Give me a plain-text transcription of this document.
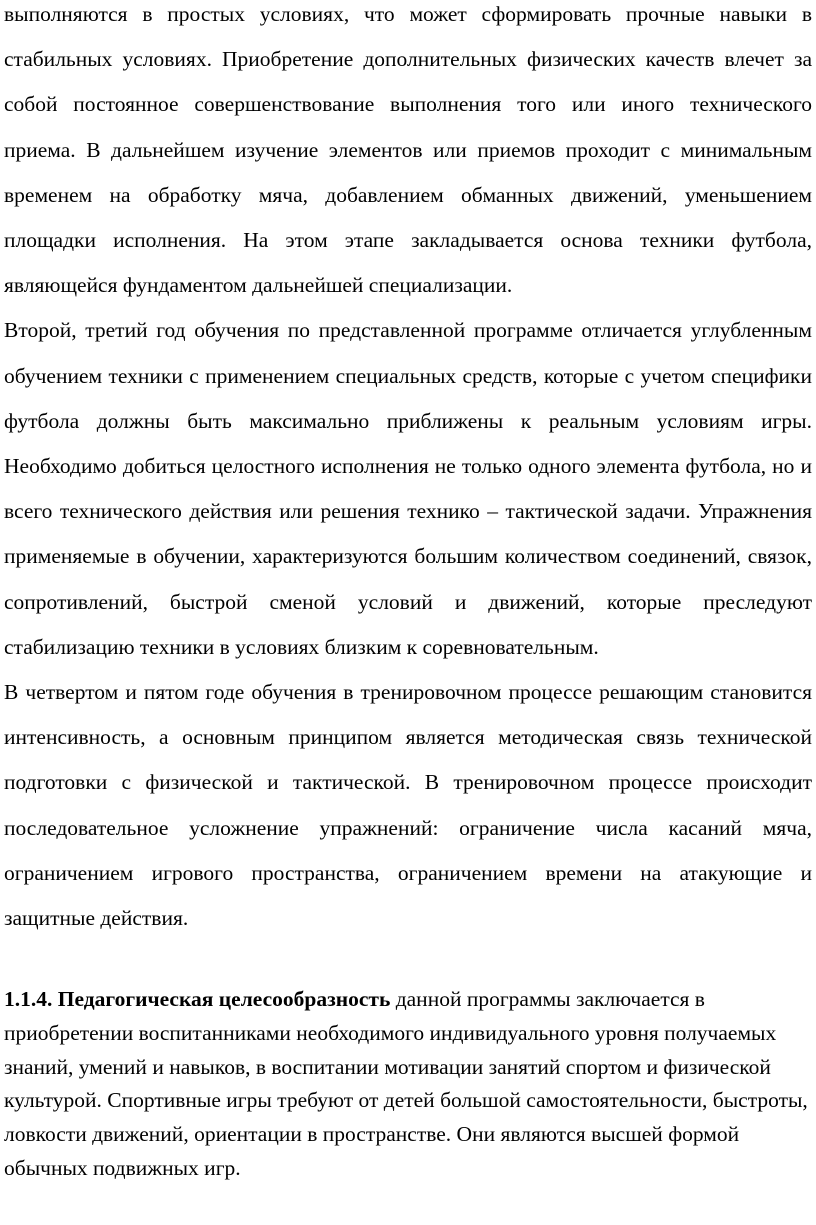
выполняются в простых условиях, что может сформировать прочные навыки в стабильных условиях. Приобретение дополнительных физических качеств влечет за собой постоянное совершенствование выполнения того или иного технического приема. В дальнейшем изучение элементов или приемов проходит с минимальным временем на обработку мяча, добавлением обманных движений, уменьшением площадки исполнения. На этом этапе закладывается основа техники футбола, являющейся фундаментом дальнейшей специализации.

Второй, третий год обучения по представленной программе отличается углубленным обучением техники с применением специальных средств, которые с учетом специфики футбола должны быть максимально приближены к реальным условиям игры. Необходимо добиться целостного исполнения не только одного элемента футбола, но и всего технического действия или решения технико – тактической задачи. Упражнения применяемые в обучении, характеризуются большим количеством соединений, связок, сопротивлений, быстрой сменой условий и движений, которые преследуют стабилизацию техники в условиях близким к соревновательным.

В четвертом и пятом годе обучения в тренировочном процессе решающим становится интенсивность, а основным принципом является методическая связь технической подготовки с физической и тактической. В тренировочном процессе происходит последовательное усложнение упражнений: ограничение числа касаний мяча, ограничением игрового пространства, ограничением времени на атакующие и защитные действия.

1.1.4. Педагогическая целесообразность данной программы заключается в приобретении воспитанниками необходимого индивидуального уровня получаемых знаний, умений и навыков, в воспитании мотивации занятий спортом и физической культурой. Спортивные игры требуют от детей большой самостоятельности, быстроты, ловкости движений, ориентации в пространстве. Они являются высшей формой обычных подвижных игр.
